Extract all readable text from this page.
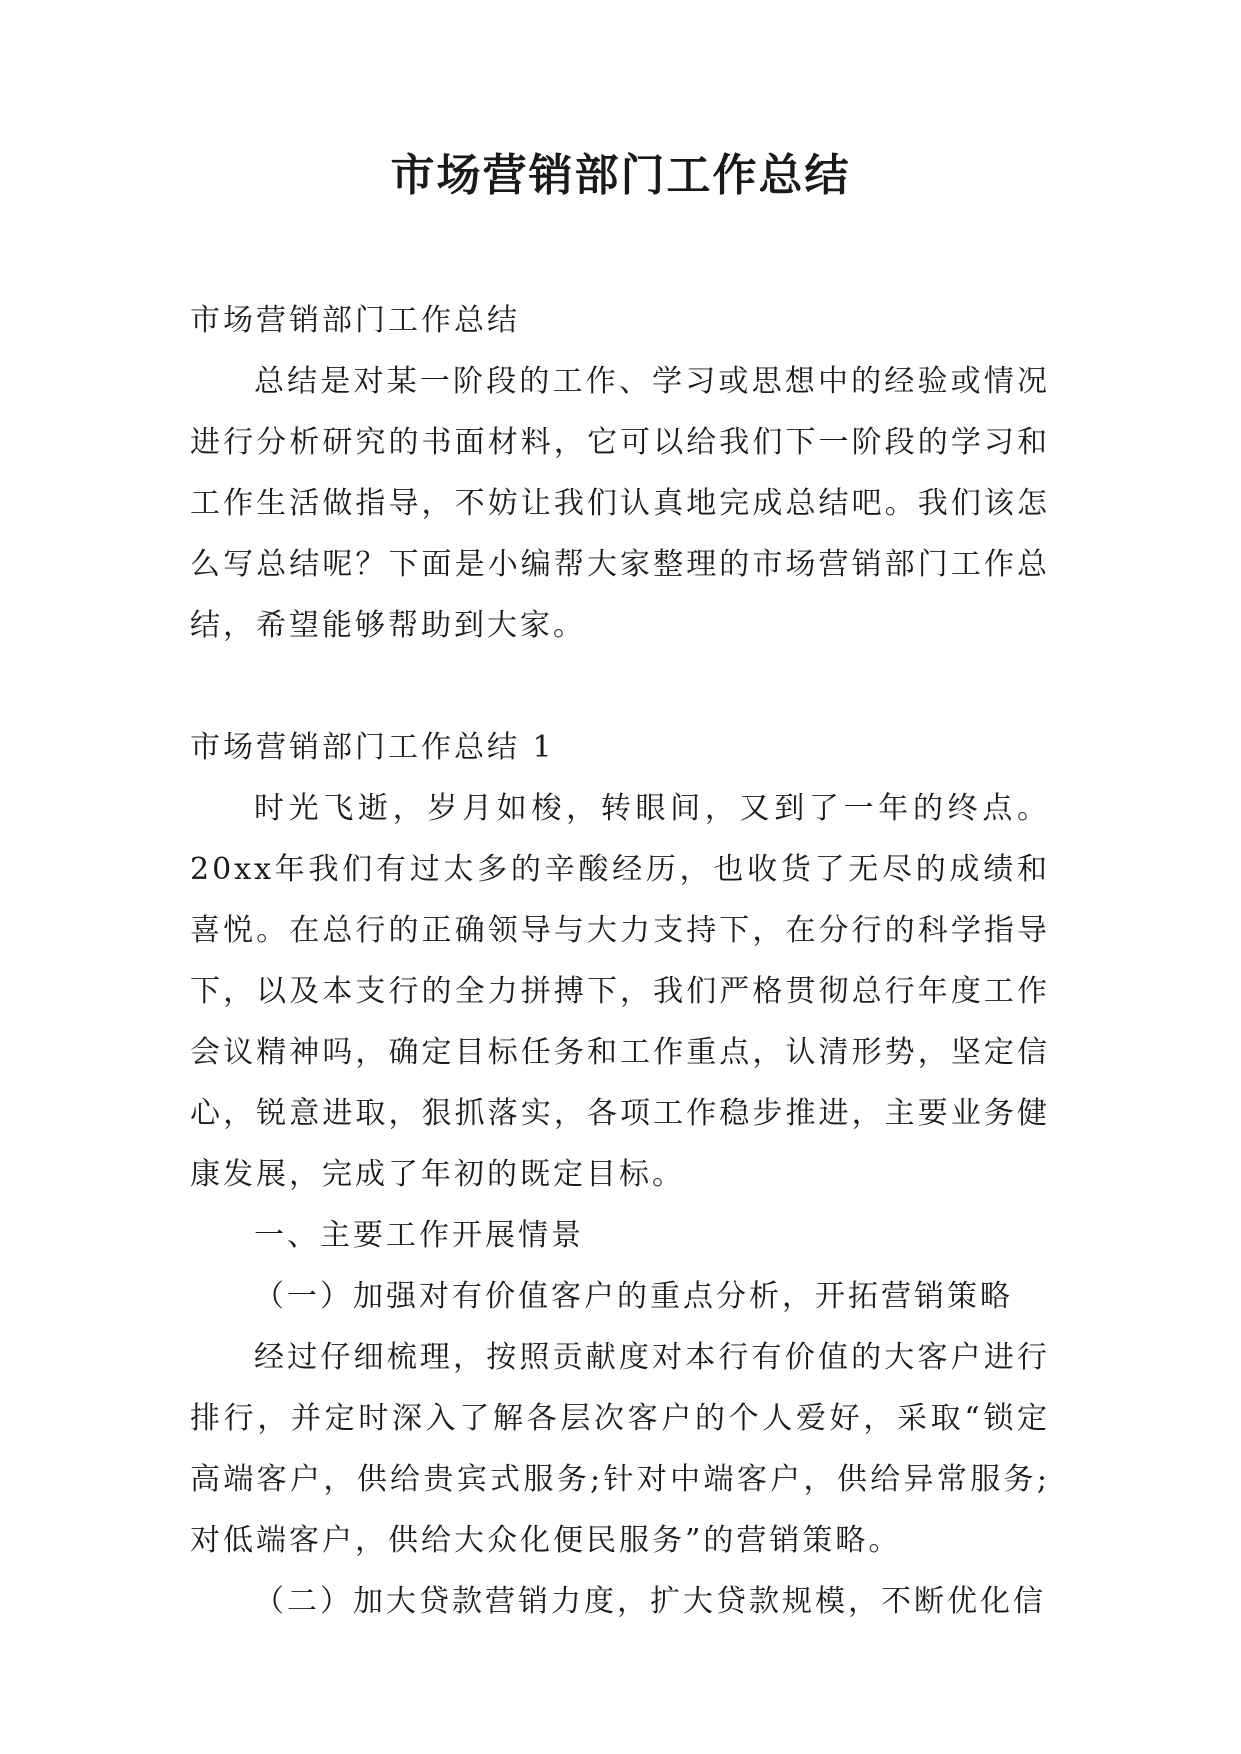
市场营销部门工作总结

市场营销部门工作总结

总结是对某一阶段的工作、学习或思想中的经验或情况进行分析研究的书面材料，它可以给我们下一阶段的学习和工作生活做指导，不妨让我们认真地完成总结吧。我们该怎么写总结呢？下面是小编帮大家整理的市场营销部门工作总结，希望能够帮助到大家。

市场营销部门工作总结 1

时光飞逝，岁月如梭，转眼间，又到了一年的终点。20xx年我们有过太多的辛酸经历，也收货了无尽的成绩和喜悦。在总行的正确领导与大力支持下，在分行的科学指导下，以及本支行的全力拼搏下，我们严格贯彻总行年度工作会议精神吗，确定目标任务和工作重点，认清形势，坚定信心，锐意进取，狠抓落实，各项工作稳步推进，主要业务健康发展，完成了年初的既定目标。

一、主要工作开展情景

（一）加强对有价值客户的重点分析，开拓营销策略

经过仔细梳理，按照贡献度对本行有价值的大客户进行排行，并定时深入了解各层次客户的个人爱好，采取“锁定高端客户，供给贵宾式服务;针对中端客户，供给异常服务;对低端客户，供给大众化便民服务”的营销策略。

（二）加大贷款营销力度，扩大贷款规模，不断优化信
